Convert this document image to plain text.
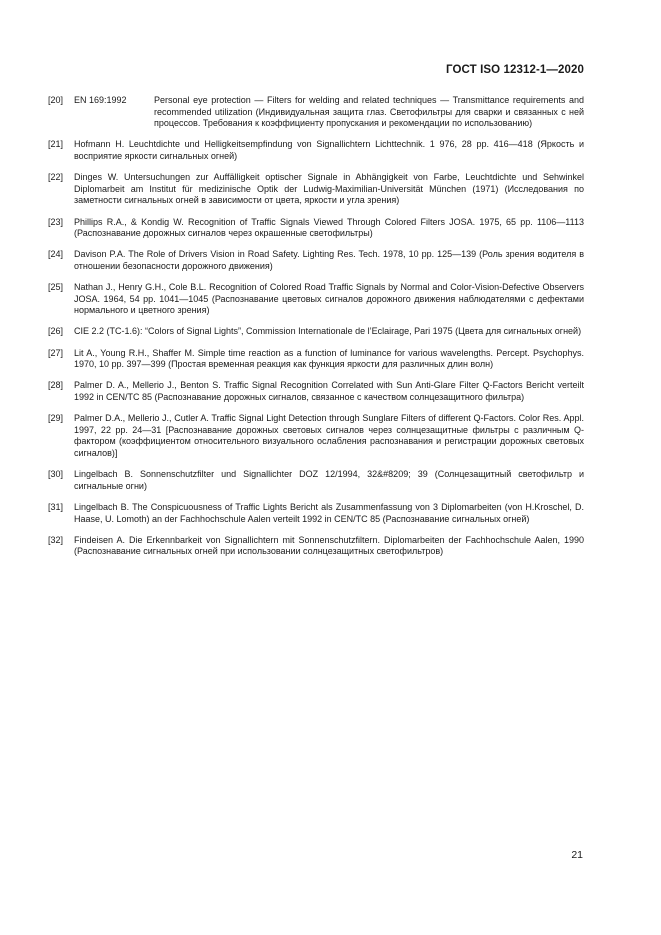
ГОСТ ISO 12312-1—2020
[20]	EN 169:1992	Personal eye protection — Filters for welding and related techniques — Transmittance requirements and recommended utilization (Индивидуальная защита глаз. Светофильтры для сварки и связанных с ней процессов. Требования к коэффициенту пропускания и рекомендации по использованию)
[21]	Hofmann H. Leuchtdichte und Helligkeitsempfindung von Signallichtern Lichttechnik. 1 976, 28 pp. 416—418 (Яркость и восприятие яркости сигнальных огней)
[22]	Dinges W. Untersuchungen zur Auffälligkeit optischer Signale in Abhängigkeit von Farbe, Leuchtdichte und Sehwinkel Diplomarbeit am Institut für medizinische Optik der Ludwig-Maximilian-Universität München (1971) (Исследования по заметности сигнальных огней в зависимости от цвета, яркости и угла зрения)
[23]	Phillips R.A., & Kondig W. Recognition of Traffic Signals Viewed Through Colored Filters JOSA. 1975, 65 pp. 1106—1113 (Распознавание дорожных сигналов через окрашенные светофильтры)
[24]	Davison P.A. The Role of Drivers Vision in Road Safety. Lighting Res. Tech. 1978, 10 pp. 125—139 (Роль зрения водителя в отношении безопасности дорожного движения)
[25]	Nathan J., Henry G.H., Cole B.L. Recognition of Colored Road Traffic Signals by Normal and Color-Vision-Defective Observers JOSA. 1964, 54 pp. 1041—1045 (Распознавание цветовых сигналов дорожного движения наблюдателями с дефектами нормального и цветного зрения)
[26]	CIE 2.2 (TC-1.6): “Colors of Signal Lights”, Commission Internationale de l’Eclairage, Pari 1975 (Цвета для сигнальных огней)
[27]	Lit A., Young R.H., Shaffer M. Simple time reaction as a function of luminance for various wavelengths. Percept. Psychophys. 1970, 10 pp. 397—399 (Простая временная реакция как функция яркости для различных длин волн)
[28]	Palmer D. A., Mellerio J., Benton S. Traffic Signal Recognition Correlated with Sun Anti-Glare Filter Q-Factors Bericht verteilt 1992 in CEN/TC 85 (Распознавание дорожных сигналов, связанное с качеством солнцезащитного фильтра)
[29]	Palmer D.A., Mellerio J., Cutler A. Traffic Signal Light Detection through Sunglare Filters of different Q-Factors. Color Res. Appl. 1997, 22 pp. 24—31 [Распознавание дорожных световых сигналов через солнцезащитные фильтры с различным Q-фактором (коэффициентом относительного визуального ослабления распознавания и регистрации дорожных световых сигналов)]
[30]	Lingelbach B. Sonnenschutzfilter und Signallichter DOZ 12/1994, 32&#8209; 39 (Солнцезащитный светофильтр и сигнальные огни)
[31]	Lingelbach B. The Conspicuousness of Traffic Lights Bericht als Zusammenfassung von 3 Diplomarbeiten (von H.Kroschel, D. Haase, U. Lomoth) an der Fachhochschule Aalen verteilt 1992 in CEN/TC 85 (Распознавание сигнальных огней)
[32]	Findeisen A. Die Erkennbarkeit von Signallichtern mit Sonnenschutzfiltern. Diplomarbeiten der Fachhochschule Aalen, 1990 (Распознавание сигнальных огней при использовании солнцезащитных светофильтров)
21
